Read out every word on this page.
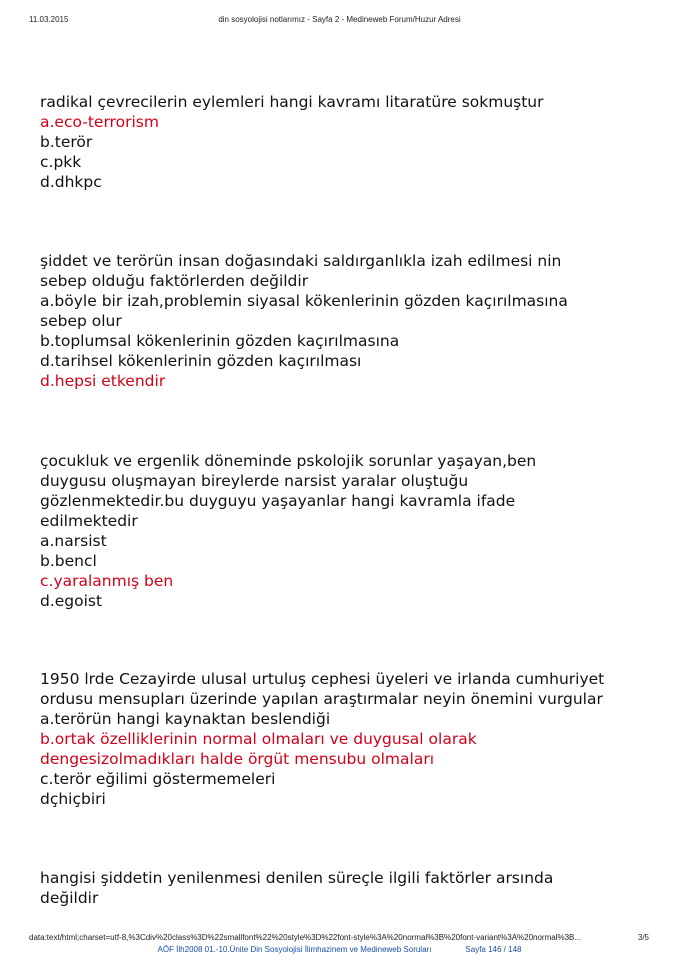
11.03.2015	din sosyolojisi notlarımız - Sayfa 2 - Medineweb Forum/Huzur Adresi
radikal çevrecilerin eylemleri hangi kavramı litaratüre sokmuştur
a.eco-terrorism
b.terör
c.pkk
d.dhkpc
şiddet ve terörün insan doğasındaki saldırganlıkla izah edilmesi nin
sebep olduğu faktörlerden değildir
a.böyle bir izah,problemin siyasal kökenlerinin gözden kaçırılmasına sebep olur
b.toplumsal kökenlerinin gözden kaçırılmasına
d.tarihsel kökenlerinin gözden kaçırılması
d.hepsi etkendir
çocukluk ve ergenlik döneminde pskolojik sorunlar yaşayan,ben
duygusu oluşmayan bireylerde narsist yaralar oluştuğu
gözlenmektedir.bu duyguyu yaşayanlar hangi kavramla ifade
edilmektedir
a.narsist
b.bencl
c.yaralanmış ben
d.egoist
1950 lrde Cezayirde ulusal urtuluş cephesi üyeleri ve irlanda cumhuriyet
ordusu mensupları üzerinde yapılan araştırmalar neyin önemini vurgular
a.terörün hangi kaynaktan beslendiği
b.ortak özelliklerinin normal olmaları ve duygusal olarak dengesizolmadıkları halde örgüt mensubu olmaları
c.terör eğilimi göstermemeleri
dçhiçbiri
hangisi şiddetin yenilenmesi denilen süreçle ilgili faktörler arsında
değildir
data:text/html;charset=utf-8,%3Cdiv%20class%3D%22smallfont%22%20style%3D%22font-style%3A%20normal%3B%20font-variant%3A%20normal%3B...	3/5
AÖF İlh2008 01.-10.Ünite Din Sosyolojisi İlimhazinem ve Medineweb Soruları	Sayfa 146 / 148
